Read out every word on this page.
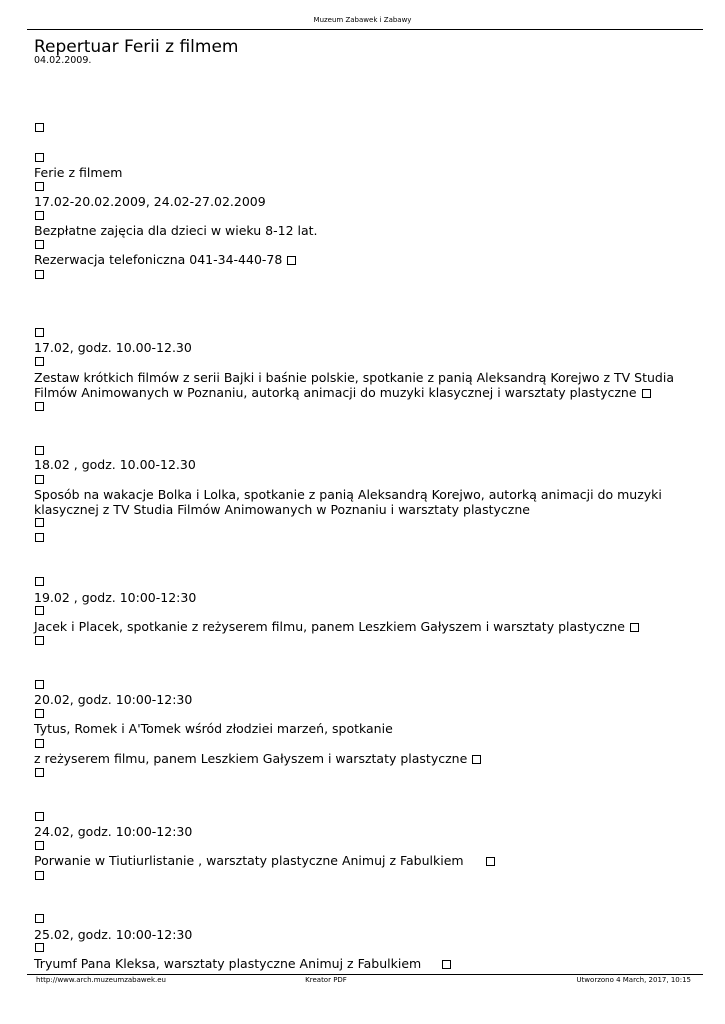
Muzeum Zabawek i Zabawy
Repertuar Ferii z filmem
04.02.2009.
Ferie z filmem
17.02-20.02.2009, 24.02-27.02.2009
Bezpłatne zajęcia dla dzieci w wieku 8-12 lat.
Rezerwacja telefoniczna 041-34-440-78
17.02, godz. 10.00-12.30
Zestaw krótkich filmów z serii Bajki i baśnie polskie, spotkanie z panią Aleksandrą Korejwo z TV Studia
Filmów Animowanych w Poznaniu, autorką animacji do muzyki klasycznej i warsztaty plastyczne
18.02 , godz. 10.00-12.30
Sposób na wakacje Bolka i Lolka, spotkanie z panią Aleksandrą Korejwo, autorką animacji do muzyki
klasycznej z TV Studia Filmów Animowanych w Poznaniu i warsztaty plastyczne
19.02 , godz. 10:00-12:30
Jacek i Placek, spotkanie z reżyserem filmu, panem Leszkiem Gałyszem i warsztaty plastyczne
20.02, godz. 10:00-12:30
Tytus, Romek i A'Tomek wśród złodziei marzeń, spotkanie
z reżyserem filmu, panem Leszkiem Gałyszem i warsztaty plastyczne
24.02, godz. 10:00-12:30
Porwanie w Tiutiurlistanie , warsztaty plastyczne Animuj z Fabulkiem
25.02, godz. 10:00-12:30
Tryumf Pana Kleksa, warsztaty plastyczne Animuj z Fabulkiem
http://www.arch.muzeumzabawek.eu	Kreator PDF	Utworzono 4 March, 2017, 10:15
